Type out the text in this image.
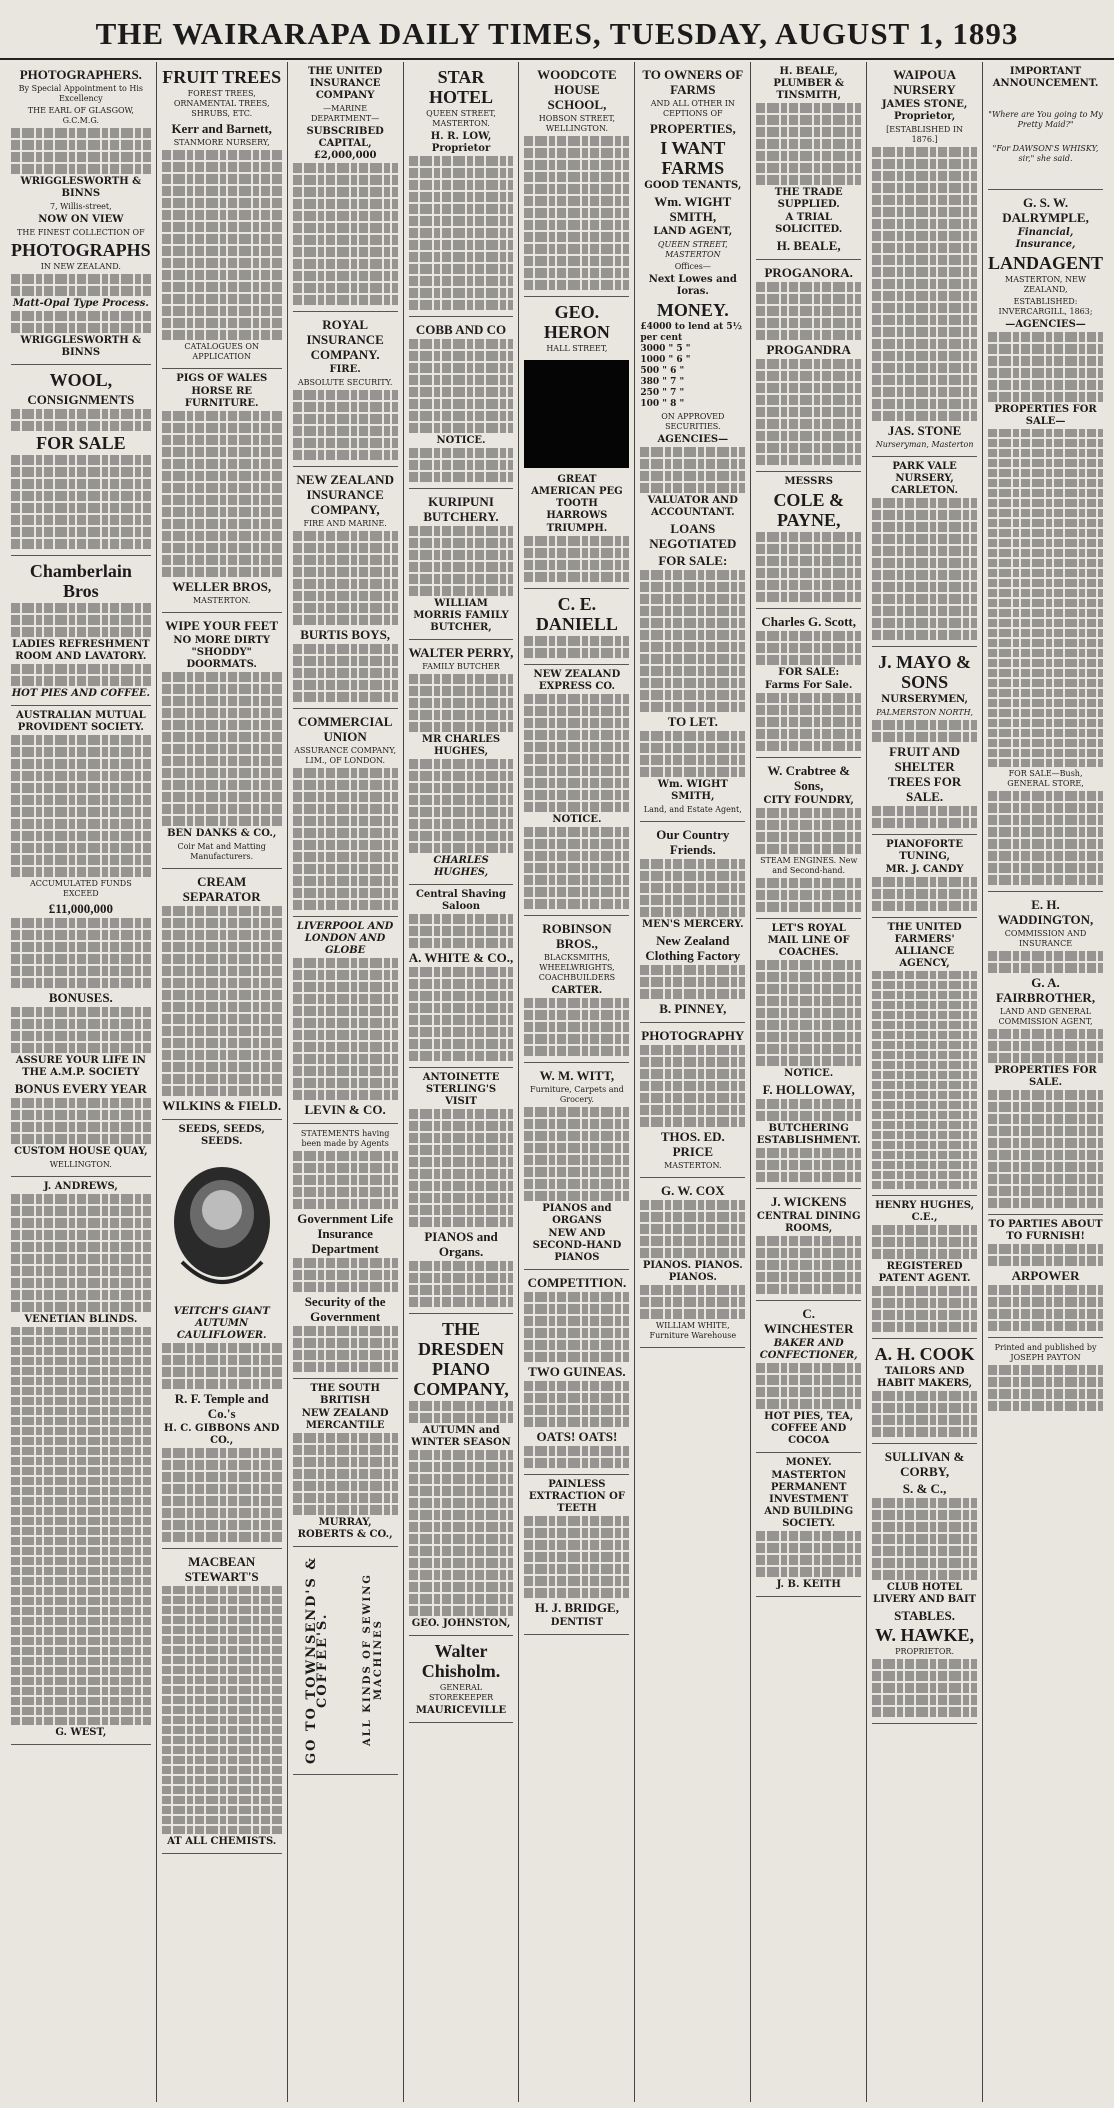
THE WAIRARAPA DAILY TIMES, TUESDAY, AUGUST 1, 1893
PHOTOGRAPHERS.
By Special Appointment to His Excellency
THE EARL OF GLASGOW, G.C.M.G.
WRIGGLESWORTH & BINNS
7, Willis-street,
NOW ON VIEW
THE FINEST COLLECTION OF
PHOTOGRAPHS
IN NEW ZEALAND.
Matt-Opal Type Process.
WRIGGLESWORTH & BINNS
WOOL,
CONSIGNMENTS
FOR SALE
Chamberlain Bros
LADIES REFRESHMENT ROOM AND LAVATORY.
HOT PIES AND COFFEE.
AUSTRALIAN MUTUAL PROVIDENT SOCIETY.
ACCUMULATED FUNDS EXCEED
£11,000,000
BONUSES.
ASSURE YOUR LIFE IN THE A.M.P. SOCIETY
BONUS EVERY YEAR
CUSTOM HOUSE QUAY,
WELLINGTON.
J. ANDREWS,
VENETIAN BLINDS.
G. WEST,
FRUIT TREES
FOREST TREES, ORNAMENTAL TREES, SHRUBS, ETC.
Kerr and Barnett,
STANMORE NURSERY,
CATALOGUES ON APPLICATION
PIGS OF WALES
HORSE RE FURNITURE.
WELLER BROS,
MASTERTON.
WIPE YOUR FEET
NO MORE DIRTY "SHODDY" DOORMATS.
BEN DANKS & CO.,
Coir Mat and Matting Manufacturers.
CREAM SEPARATOR
WILKINS & FIELD.
SEEDS, SEEDS, SEEDS.
VEITCH'S GIANT AUTUMN CAULIFLOWER.
R. F. Temple and Co.'s
H. C. GIBBONS AND CO.,
MACBEAN STEWART'S
AT ALL CHEMISTS.
THE UNITED INSURANCE COMPANY
—MARINE DEPARTMENT—
SUBSCRIBED CAPITAL, £2,000,000
ROYAL INSURANCE COMPANY.
FIRE.
ABSOLUTE SECURITY.
NEW ZEALAND INSURANCE COMPANY,
FIRE AND MARINE.
BURTIS BOYS,
COMMERCIAL UNION
ASSURANCE COMPANY, LIM., OF LONDON.
LIVERPOOL AND LONDON AND GLOBE
LEVIN & CO.
STATEMENTS having been made by Agents
Government Life Insurance Department
Security of the Government
THE SOUTH BRITISH
NEW ZEALAND MERCANTILE
MURRAY, ROBERTS & CO.,
GO TO TOWNSEND'S & COFFEE'S.	ALL KINDS OF SEWING MACHINES
STAR HOTEL
QUEEN STREET, MASTERTON.
H. R. LOW, Proprietor
COBB AND CO
NOTICE.
KURIPUNI BUTCHERY.
WILLIAM MORRIS FAMILY BUTCHER,
WALTER PERRY,
FAMILY BUTCHER
MR CHARLES HUGHES,
CHARLES HUGHES,
Central Shaving Saloon
A. WHITE & CO.,
ANTOINETTE STERLING'S VISIT
PIANOS and Organs.
THE DRESDEN PIANO COMPANY,
AUTUMN and WINTER SEASON
GEO. JOHNSTON,
Walter Chisholm.
GENERAL STOREKEEPER
MAURICEVILLE
WOODCOTE HOUSE SCHOOL,
HOBSON STREET, WELLINGTON.
GEO. HERON
HALL STREET,
GREAT AMERICAN PEG TOOTH HARROWS
TRIUMPH.
C. E. DANIELL
NEW ZEALAND EXPRESS CO.
NOTICE.
ROBINSON BROS.,
BLACKSMITHS, WHEELWRIGHTS, COACHBUILDERS
CARTER.
W. M. WITT,
Furniture, Carpets and Grocery.
PIANOS and ORGANS
NEW AND SECOND-HAND PIANOS
COMPETITION.
TWO GUINEAS.
OATS! OATS!
PAINLESS EXTRACTION OF TEETH
H. J. BRIDGE,
DENTIST
TO OWNERS OF FARMS
AND ALL OTHER IN CEPTIONS OF
PROPERTIES,
I WANT FARMS
GOOD TENANTS,
Wm. WIGHT SMITH,
LAND AGENT,
QUEEN STREET, MASTERTON
Offices—
Next Lowes and Ioras.
MONEY.
£4000 to lend at 5½ per cent
3000 " 5 "
1000 " 6 "
500 " 6 "
380 " 7 "
250 " 7 "
100 " 8 "
ON APPROVED SECURITIES.
AGENCIES—
VALUATOR AND ACCOUNTANT.
LOANS NEGOTIATED
FOR SALE:
TO LET.
Wm. WIGHT SMITH,
Land, and Estate Agent,
Our Country Friends.
MEN'S MERCERY.
New Zealand Clothing Factory
B. PINNEY,
PHOTOGRAPHY
THOS. ED. PRICE
MASTERTON.
G. W. COX
PIANOS. PIANOS. PIANOS.
WILLIAM WHITE, Furniture Warehouse
H. BEALE, PLUMBER & TINSMITH,
THE TRADE SUPPLIED.
A TRIAL SOLICITED.
H. BEALE,
PROGANORA.
PROGANDRA
MESSRS
COLE & PAYNE,
Charles G. Scott,
FOR SALE:
Farms For Sale.
W. Crabtree & Sons,
CITY FOUNDRY,
STEAM ENGINES. New and Second-hand.
LET'S ROYAL MAIL LINE OF COACHES.
NOTICE.
F. HOLLOWAY,
BUTCHERING ESTABLISHMENT.
J. WICKENS
CENTRAL DINING ROOMS,
C. WINCHESTER
BAKER AND CONFECTIONER,
HOT PIES, TEA, COFFEE AND COCOA
MONEY.
MASTERTON PERMANENT INVESTMENT AND BUILDING SOCIETY.
J. B. KEITH
WAIPOUA NURSERY
JAMES STONE, Proprietor,
[ESTABLISHED IN 1876.]
JAS. STONE
Nurseryman, Masterton
PARK VALE NURSERY, CARLETON.
J. MAYO & SONS
NURSERYMEN,
PALMERSTON NORTH,
FRUIT AND SHELTER TREES FOR SALE.
PIANOFORTE TUNING,
MR. J. CANDY
THE UNITED FARMERS' ALLIANCE AGENCY,
HENRY HUGHES, C.E.,
REGISTERED PATENT AGENT.
A. H. COOK
TAILORS AND HABIT MAKERS,
SULLIVAN & CORBY,
S. & C.,
CLUB HOTEL LIVERY AND BAIT
STABLES.
W. HAWKE,
PROPRIETOR.
IMPORTANT ANNOUNCEMENT.
"Where are You going to My Pretty Maid?"
"For DAWSON'S WHISKY, sir," she said.
G. S. W. DALRYMPLE,
Financial, Insurance,
LANDAGENT
MASTERTON, NEW ZEALAND,
ESTABLISHED: INVERCARGILL, 1863;
—AGENCIES—
PROPERTIES FOR SALE—
FOR SALE—Bush, GENERAL STORE,
E. H. WADDINGTON,
COMMISSION AND INSURANCE
G. A. FAIRBROTHER,
LAND AND GENERAL COMMISSION AGENT,
PROPERTIES FOR SALE.
TO PARTIES ABOUT TO FURNISH!
ARPOWER
Printed and published by JOSEPH PAYTON
